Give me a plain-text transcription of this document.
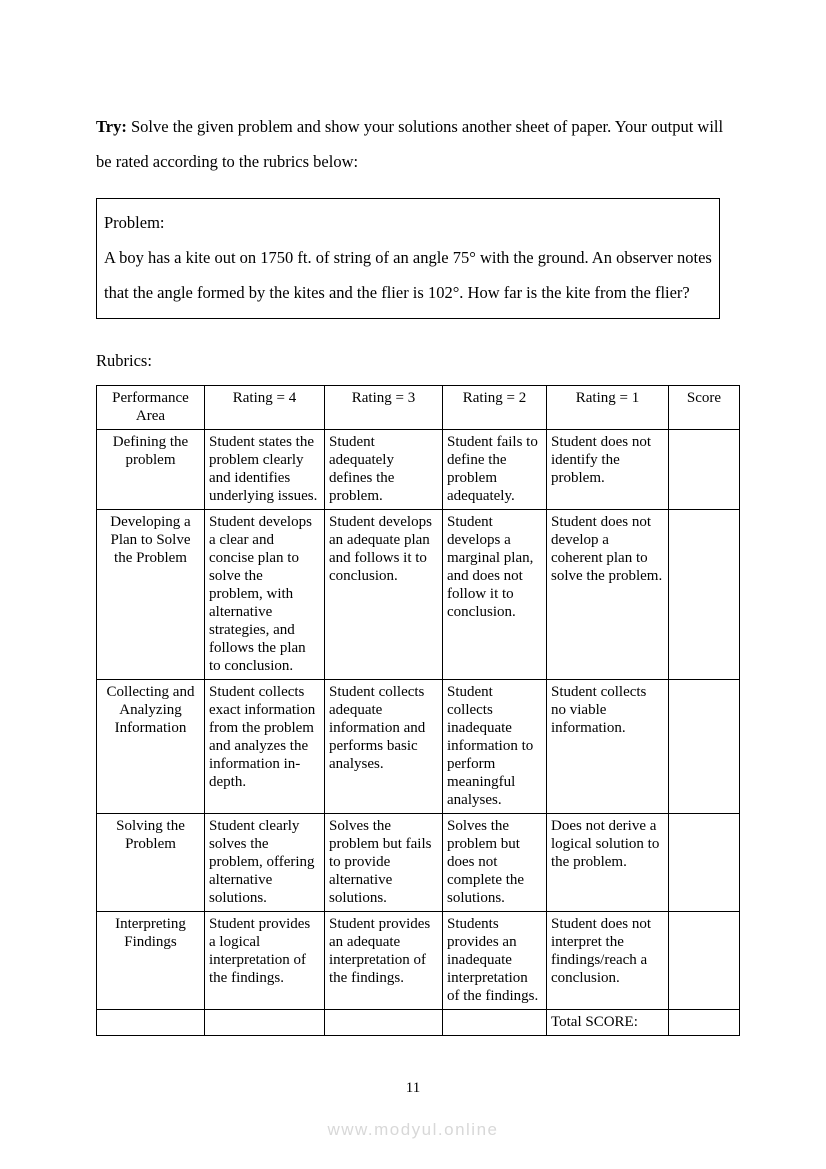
Try: Solve the given problem and show your solutions another sheet of paper. Your output will be rated according to the rubrics below:

Problem:
A boy has a kite out on 1750 ft. of string of an angle 75° with the ground. An observer notes that the angle formed by the kites and the flier is 102°. How far is the kite from the flier?
Rubrics:
Performance Area	Rating = 4	Rating = 3	Rating = 2	Rating = 1	Score
Defining the problem	Student states the problem clearly and identifies underlying issues.	Student adequately defines the problem.	Student fails to define the problem adequately.	Student does not identify the problem.	
Developing a Plan to Solve the Problem	Student develops a clear and concise plan to solve the problem, with alternative strategies, and follows the plan to conclusion.	Student develops an adequate plan and follows it to conclusion.	Student develops a marginal plan, and does not follow it to conclusion.	Student does not develop a coherent plan to solve the problem.	
Collecting and Analyzing Information	Student collects exact information from the problem and analyzes the information in-depth.	Student collects adequate information and performs basic analyses.	Student collects inadequate information to perform meaningful analyses.	Student collects no viable information.	
Solving the Problem	Student clearly solves the problem, offering alternative solutions.	Solves the problem but fails to provide alternative solutions.	Solves the problem but does not complete the solutions.	Does not derive a logical solution to the problem.	
Interpreting Findings	Student provides a logical interpretation of the findings.	Student provides an adequate interpretation of the findings.	Students provides an inadequate interpretation of the findings.	Student does not interpret the findings/reach a conclusion.	
				Total SCORE:	
11
www.modyul.online
